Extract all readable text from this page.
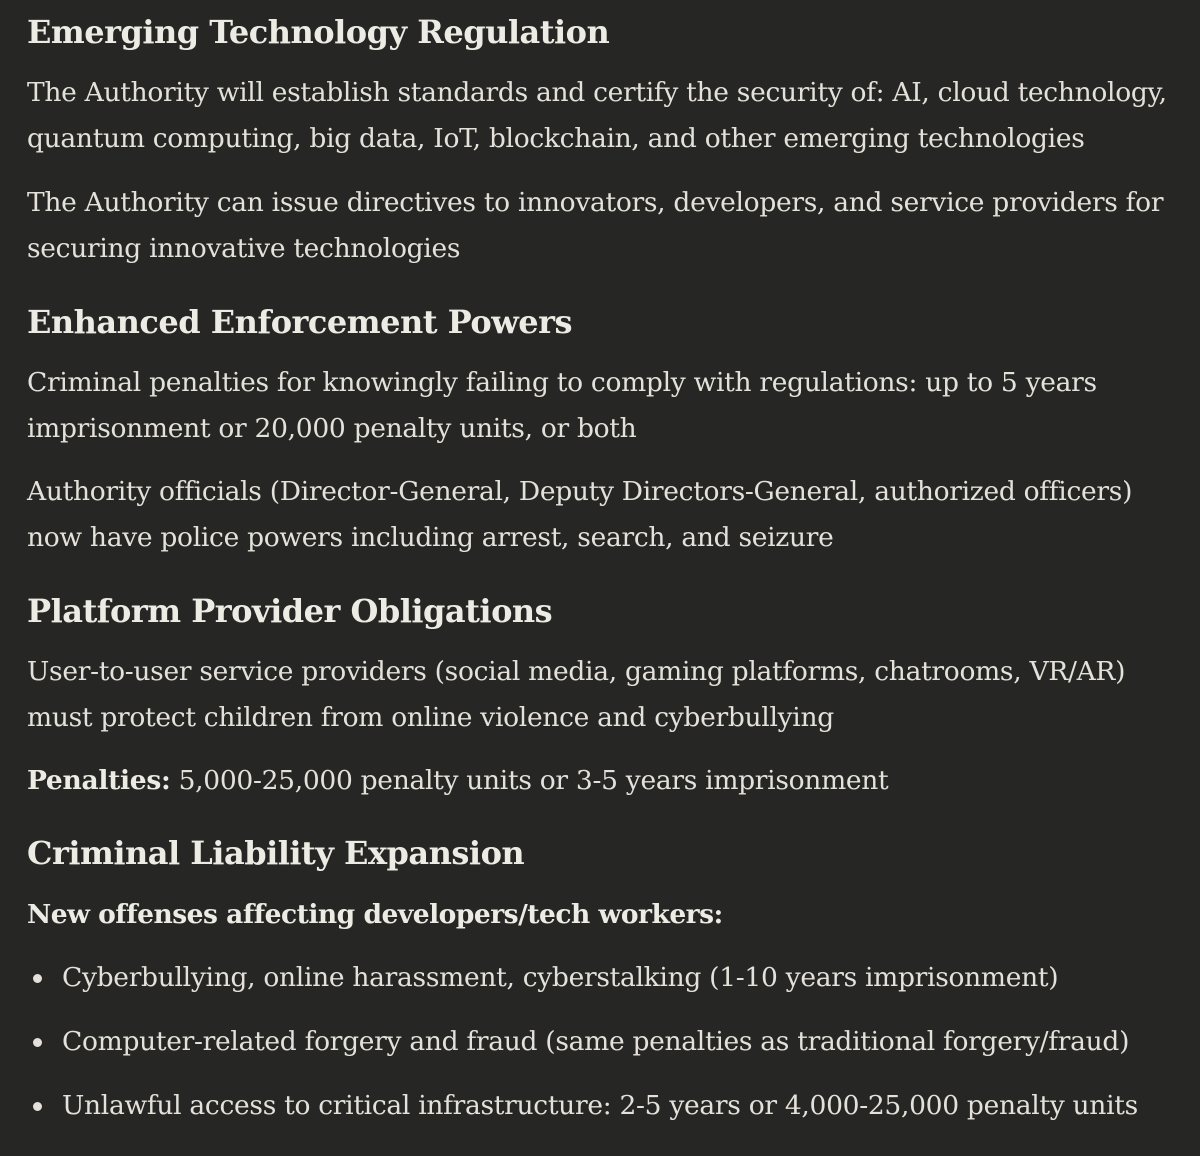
Emerging Technology Regulation

The Authority will establish standards and certify the security of: AI, cloud technology, quantum computing, big data, IoT, blockchain, and other emerging technologies

The Authority can issue directives to innovators, developers, and service providers for securing innovative technologies

Enhanced Enforcement Powers

Criminal penalties for knowingly failing to comply with regulations: up to 5 years imprisonment or 20,000 penalty units, or both

Authority officials (Director-General, Deputy Directors-General, authorized officers) now have police powers including arrest, search, and seizure

Platform Provider Obligations

User-to-user service providers (social media, gaming platforms, chatrooms, VR/AR) must protect children from online violence and cyberbullying

Penalties: 5,000-25,000 penalty units or 3-5 years imprisonment

Criminal Liability Expansion

New offenses affecting developers/tech workers:

Cyberbullying, online harassment, cyberstalking (1-10 years imprisonment)
Computer-related forgery and fraud (same penalties as traditional forgery/fraud)
Unlawful access to critical infrastructure: 2-5 years or 4,000-25,000 penalty units
